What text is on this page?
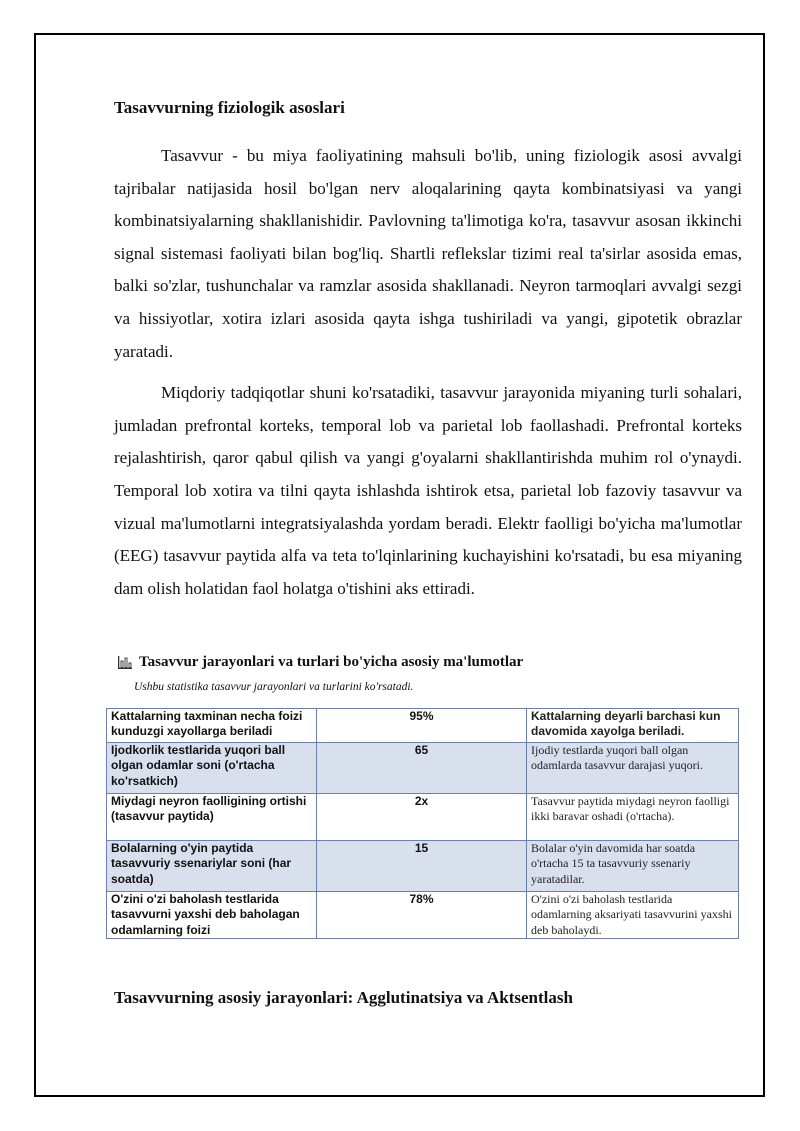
Tasavvurning fiziologik asoslari

Tasavvur - bu miya faoliyatining mahsuli bo'lib, uning fiziologik asosi avvalgi tajribalar natijasida hosil bo'lgan nerv aloqalarining qayta kombinatsiyasi va yangi kombinatsiyalarning shakllanishidir. Pavlovning ta'limotiga ko'ra, tasavvur asosan ikkinchi signal sistemasi faoliyati bilan bog'liq. Shartli reflekslar tizimi real ta'sirlar asosida emas, balki so'zlar, tushunchalar va ramzlar asosida shakllanadi. Neyron tarmoqlari avvalgi sezgi va hissiyotlar, xotira izlari asosida qayta ishga tushiriladi va yangi, gipotetik obrazlar yaratadi.

Miqdoriy tadqiqotlar shuni ko'rsatadiki, tasavvur jarayonida miyaning turli sohalari, jumladan prefrontal korteks, temporal lob va parietal lob faollashadi. Prefrontal korteks rejalashtirish, qaror qabul qilish va yangi g'oyalarni shakllantirishda muhim rol o'ynaydi. Temporal lob xotira va tilni qayta ishlashda ishtirok etsa, parietal lob fazoviy tasavvur va vizual ma'lumotlarni integratsiyalashda yordam beradi. Elektr faolligi bo'yicha ma'lumotlar (EEG) tasavvur paytida alfa va teta to'lqinlarining kuchayishini ko'rsatadi, bu esa miyaning dam olish holatidan faol holatga o'tishini aks ettiradi.

Tasavvur jarayonlari va turlari bo'yicha asosiy ma'lumotlar
Ushbu statistika tasavvur jarayonlari va turlarini ko'rsatadi.
Kattalarning taxminan necha foizi kunduzgi xayollarga beriladi	95%	Kattalarning deyarli barchasi kun davomida xayolga beriladi.
Ijodkorlik testlarida yuqori ball olgan odamlar soni (o'rtacha ko'rsatkich)	65	Ijodiy testlarda yuqori ball olgan odamlarda tasavvur darajasi yuqori.
Miydagi neyron faolligining ortishi (tasavvur paytida)	2x	Tasavvur paytida miydagi neyron faolligi ikki baravar oshadi (o'rtacha).
Bolalarning o'yin paytida tasavvuriy ssenariylar soni (har soatda)	15	Bolalar o'yin davomida har soatda o'rtacha 15 ta tasavvuriy ssenariy yaratadilar.
O'zini o'zi baholash testlarida tasavvurni yaxshi deb baholagan odamlarning foizi	78%	O'zini o'zi baholash testlarida odamlarning aksariyati tasavvurini yaxshi deb baholaydi.
Tasavvurning asosiy jarayonlari: Agglutinatsiya va Aktsentlash
